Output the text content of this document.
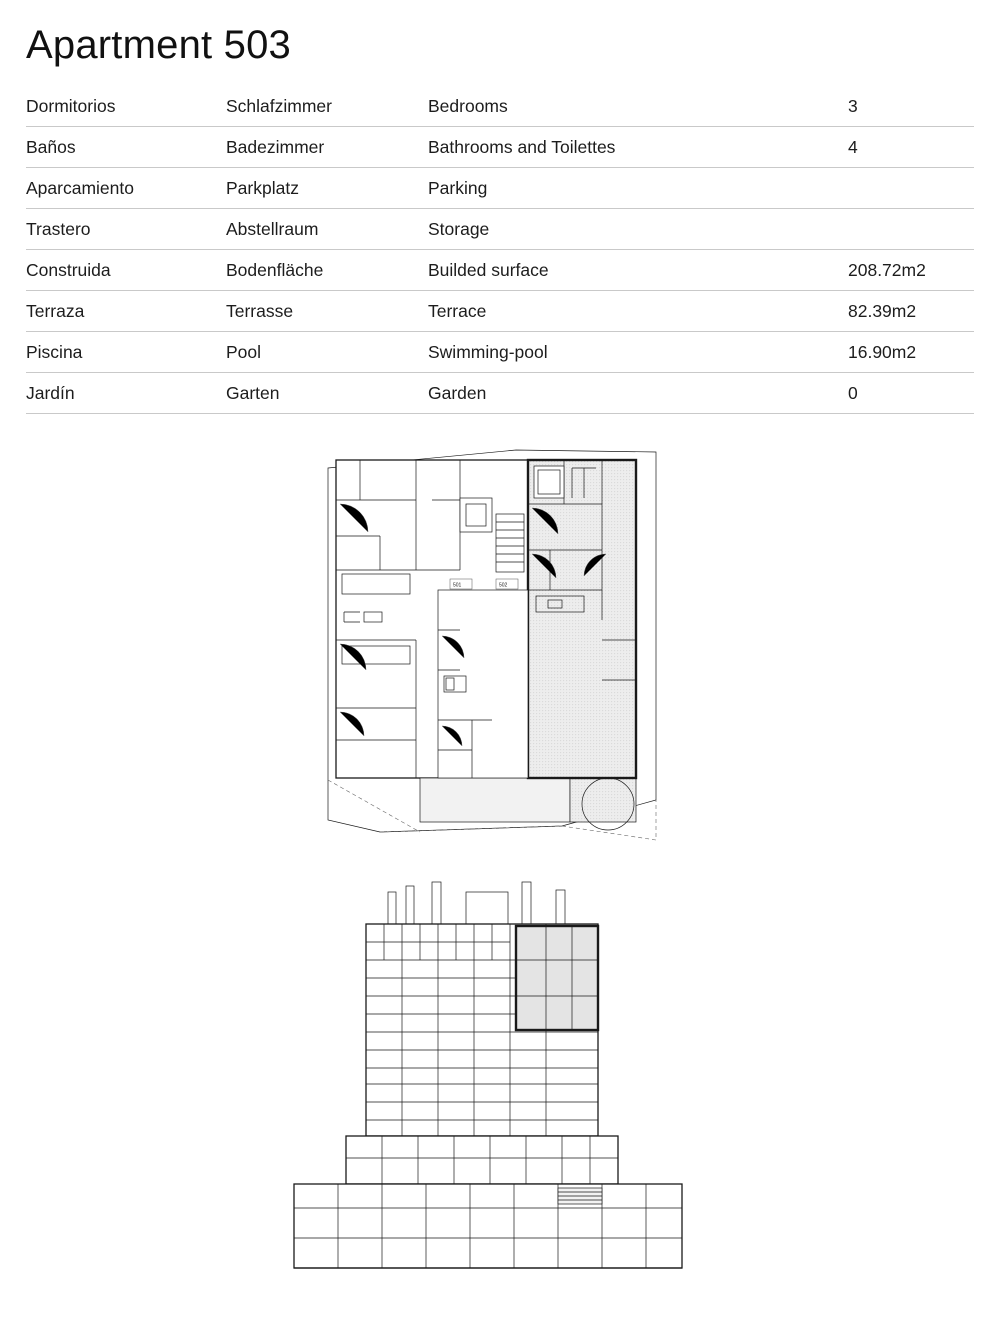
Apartment 503
Dormitorios	Schlafzimmer	Bedrooms	3
Baños	Badezimmer	Bathrooms and Toilettes	4
Aparcamiento	Parkplatz	Parking	
Trastero	Abstellraum	Storage	
Construida	Bodenfläche	Builded surface	208.72m2
Terraza	Terrasse	Terrace	82.39m2
Piscina	Pool	Swimming-pool	16.90m2
Jardín	Garten	Garden	0
501	502
